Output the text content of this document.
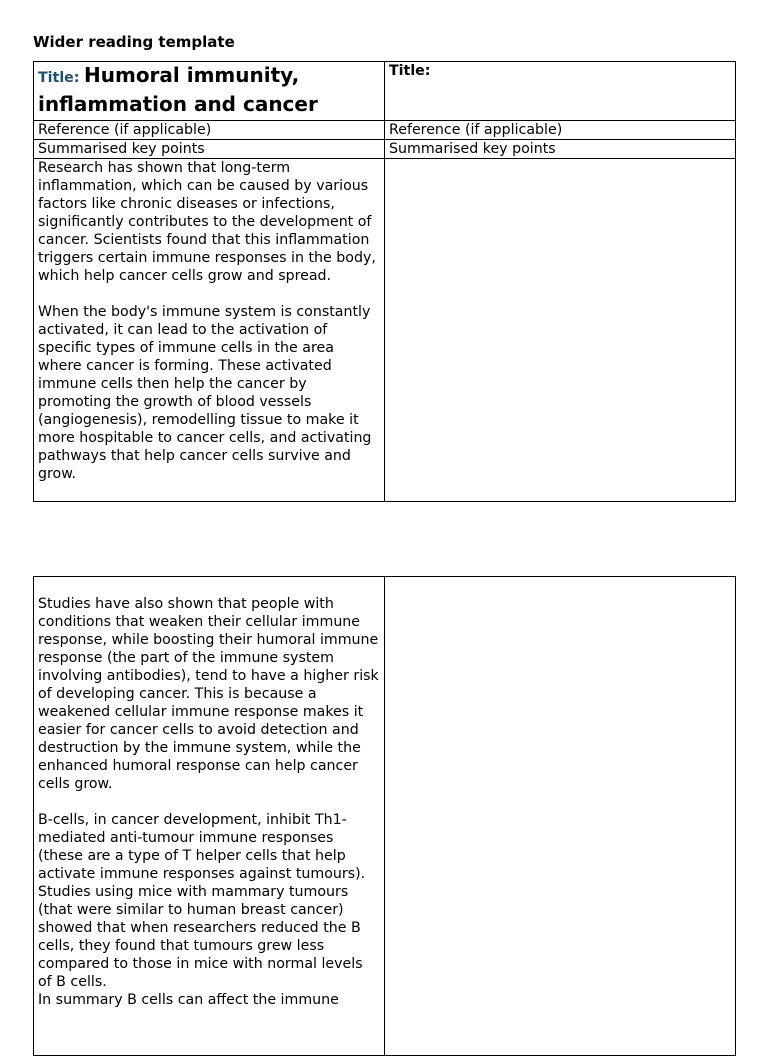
Wider reading template
Title: Humoral immunity, inflammation and cancer	Title:
Reference (if applicable)	Reference (if applicable)
Summarised key points	Summarised key points
Research has shown that long-term inflammation, which can be caused by various factors like chronic diseases or infections, significantly contributes to the development of cancer. Scientists found that this inflammation triggers certain immune responses in the body, which help cancer cells grow and spread.

When the body's immune system is constantly activated, it can lead to the activation of specific types of immune cells in the area where cancer is forming. These activated immune cells then help the cancer by promoting the growth of blood vessels (angiogenesis), remodelling tissue to make it more hospitable to cancer cells, and activating pathways that help cancer cells survive and grow.	
Studies have also shown that people with conditions that weaken their cellular immune response, while boosting their humoral immune response (the part of the immune system involving antibodies), tend to have a higher risk of developing cancer. This is because a weakened cellular immune response makes it easier for cancer cells to avoid detection and destruction by the immune system, while the enhanced humoral response can help cancer cells grow.

B-cells, in cancer development, inhibit Th1-mediated anti-tumour immune responses (these are a type of T helper cells that help activate immune responses against tumours). Studies using mice with mammary tumours (that were similar to human breast cancer) showed that when researchers reduced the B cells, they found that tumours grew less compared to those in mice with normal levels of B cells.
In summary B cells can affect the immune	
